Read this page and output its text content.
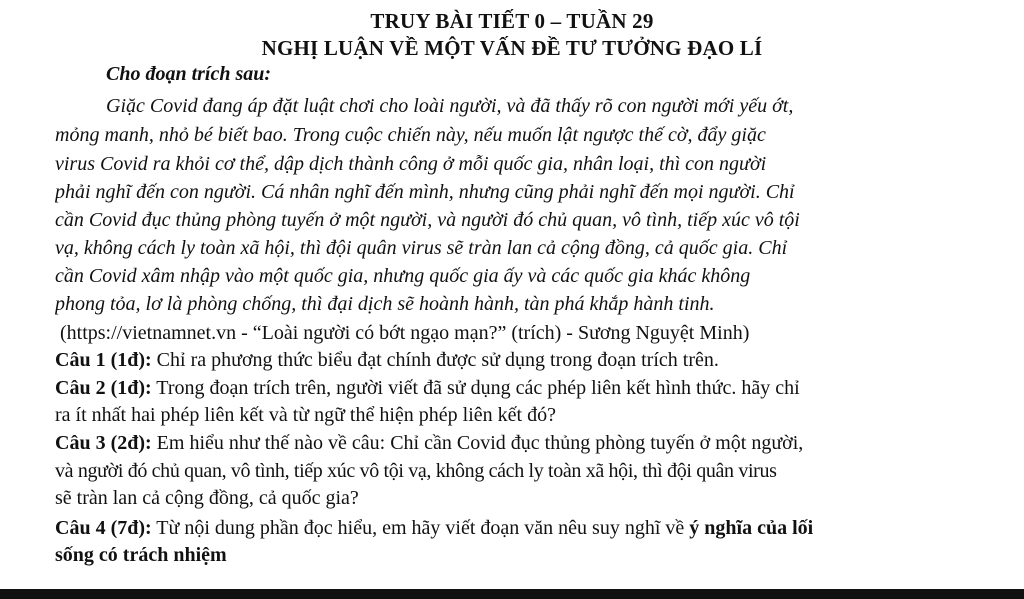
TRUY BÀI TIẾT 0 – TUẦN 29
NGHỊ LUẬN VỀ MỘT VẤN ĐỀ TƯ TƯỞNG ĐẠO LÍ
Cho đoạn trích sau:
Giặc Covid đang áp đặt luật chơi cho loài người, và đã thấy rõ con người mới yếu ớt,
mỏng manh, nhỏ bé biết bao. Trong cuộc chiến này, nếu muốn lật ngược thế cờ, đẩy giặc
virus Covid ra khỏi cơ thể, dập dịch thành công ở mỗi quốc gia, nhân loại, thì con người
phải nghĩ đến con người. Cá nhân nghĩ đến mình, nhưng cũng phải nghĩ đến mọi người. Chỉ
cần Covid đục thủng phòng tuyến ở một người, và người đó chủ quan, vô tình, tiếp xúc vô tội
vạ, không cách ly toàn xã hội, thì đội quân virus sẽ tràn lan cả cộng đồng, cả quốc gia. Chỉ
cần Covid xâm nhập vào một quốc gia, nhưng quốc gia ấy và các quốc gia khác không
phong tỏa, lơ là phòng chống, thì đại dịch sẽ hoành hành, tàn phá khắp hành tinh.
(https://vietnamnet.vn - “Loài người có bớt ngạo mạn?” (trích) - Sương Nguyệt Minh)
Câu 1 (1đ): Chỉ ra phương thức biểu đạt chính được sử dụng trong đoạn trích trên.
Câu 2 (1đ): Trong đoạn trích trên, người viết đã sử dụng các phép liên kết hình thức. hãy chỉ
ra ít nhất hai phép liên kết và từ ngữ thể hiện phép liên kết đó?
Câu 3 (2đ): Em hiểu như thế nào về câu: Chỉ cần Covid đục thủng phòng tuyến ở một người,
và người đó chủ quan, vô tình, tiếp xúc vô tội vạ, không cách ly toàn xã hội, thì đội quân virus
sẽ tràn lan cả cộng đồng, cả quốc gia?
Câu 4 (7đ): Từ nội dung phần đọc hiểu, em hãy viết đoạn văn nêu suy nghĩ về ý nghĩa của lối
sống có trách nhiệm
